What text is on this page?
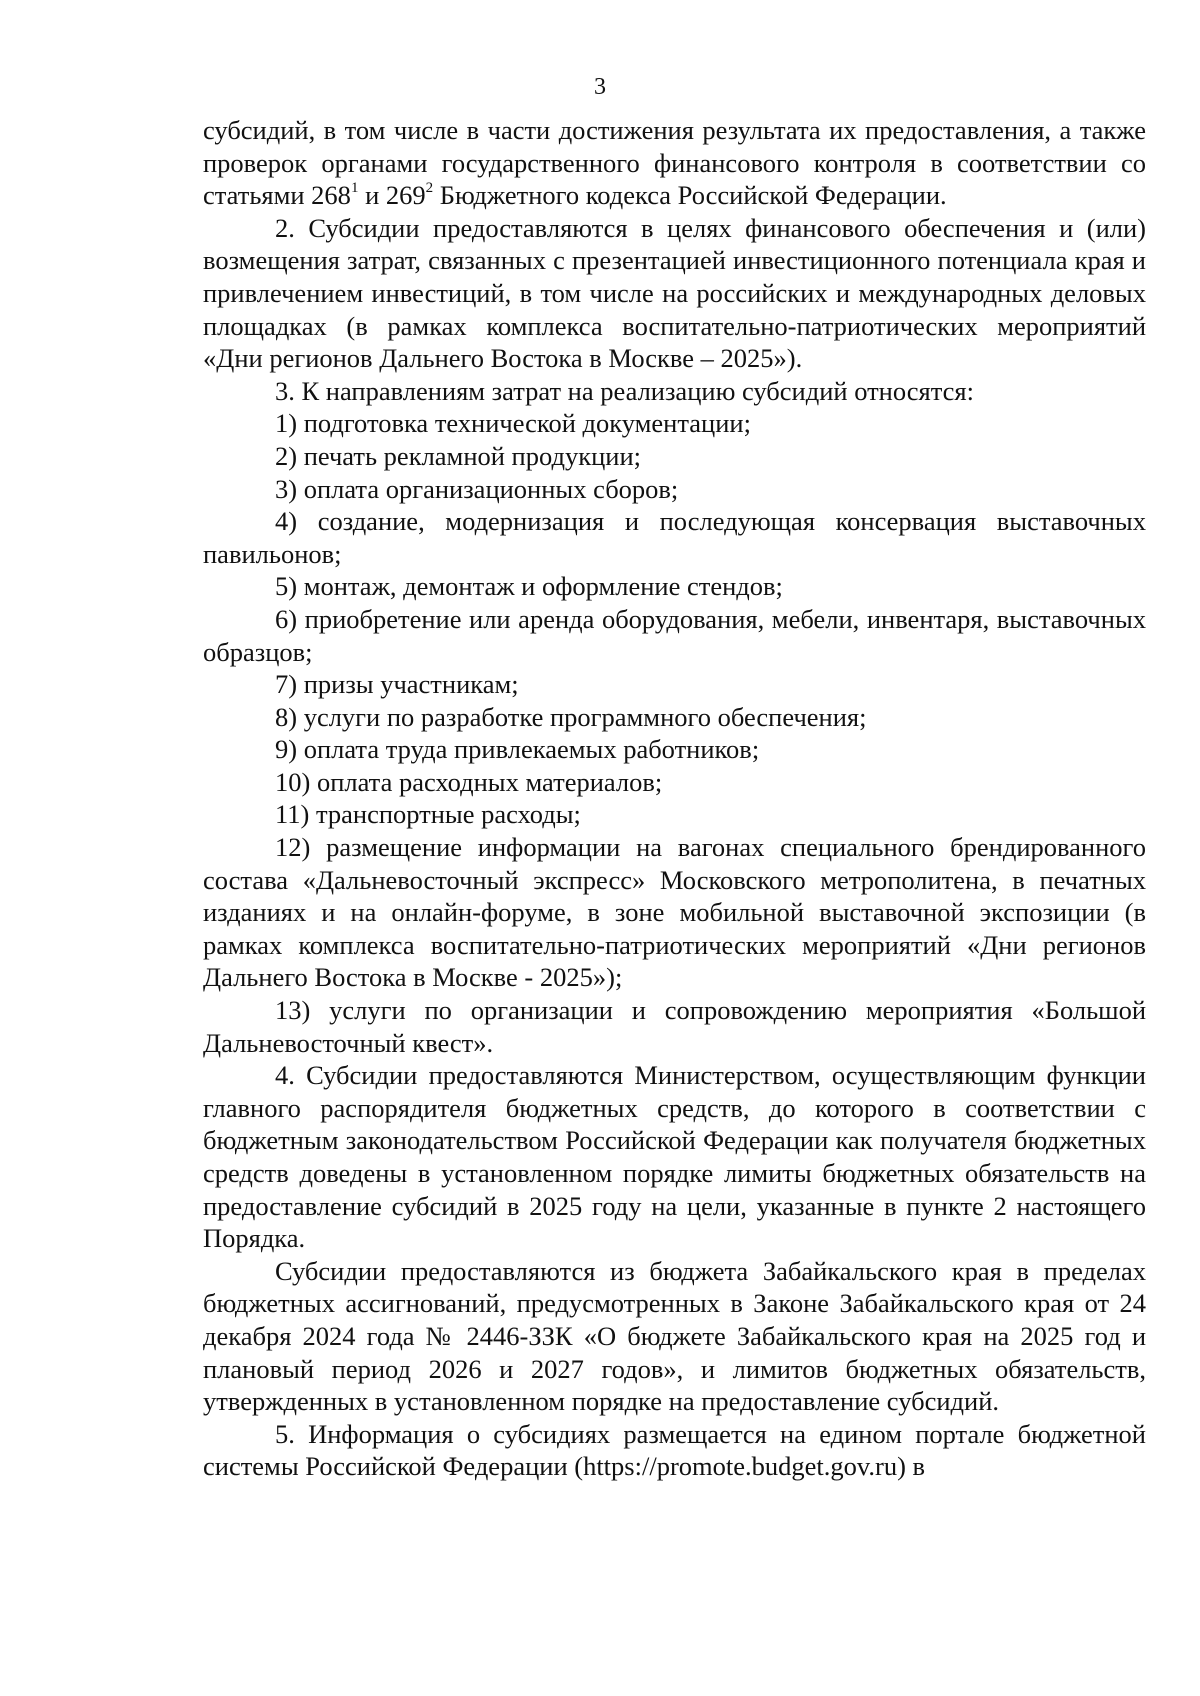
3

субсидий, в том числе в части достижения результата их предоставления, а также проверок органами государственного финансового контроля в соответствии со статьями $268^1$ и $269^2$ Бюджетного кодекса Российской Федерации.

2. Субсидии предоставляются в целях финансового обеспечения и (или) возмещения затрат, связанных с презентацией инвестиционного потенциала края и привлечением инвестиций, в том числе на российских и международных деловых площадках (в рамках комплекса воспитательно-патриотических мероприятий «Дни регионов Дальнего Востока в Москве – 2025»).

3. К направлениям затрат на реализацию субсидий относятся:

1) подготовка технической документации;

2) печать рекламной продукции;

3) оплата организационных сборов;

4) создание, модернизация и последующая консервация выставочных павильонов;

5) монтаж, демонтаж и оформление стендов;

6) приобретение или аренда оборудования, мебели, инвентаря, выставочных образцов;

7) призы участникам;

8) услуги по разработке программного обеспечения;

9) оплата труда привлекаемых работников;

10) оплата расходных материалов;

11) транспортные расходы;

12) размещение информации на вагонах специального брендированного состава «Дальневосточный экспресс» Московского метрополитена, в печатных изданиях и на онлайн-форуме, в зоне мобильной выставочной экспозиции (в рамках комплекса воспитательно-патриотических мероприятий «Дни регионов Дальнего Востока в Москве - 2025»);

13) услуги по организации и сопровождению мероприятия «Большой Дальневосточный квест».

4. Субсидии предоставляются Министерством, осуществляющим функции главного распорядителя бюджетных средств, до которого в соответствии с бюджетным законодательством Российской Федерации как получателя бюджетных средств доведены в установленном порядке лимиты бюджетных обязательств на предоставление субсидий в 2025 году на цели, указанные в пункте 2 настоящего Порядка.

Субсидии предоставляются из бюджета Забайкальского края в пределах бюджетных ассигнований, предусмотренных в Законе Забайкальского края от 24 декабря 2024 года № 2446-ЗЗК «О бюджете Забайкальского края на 2025 год и плановый период 2026 и 2027 годов», и лимитов бюджетных обязательств, утвержденных в установленном порядке на предоставление субсидий.

5. Информация о субсидиях размещается на едином портале бюджетной системы Российской Федерации (https://promote.budget.gov.ru) в
